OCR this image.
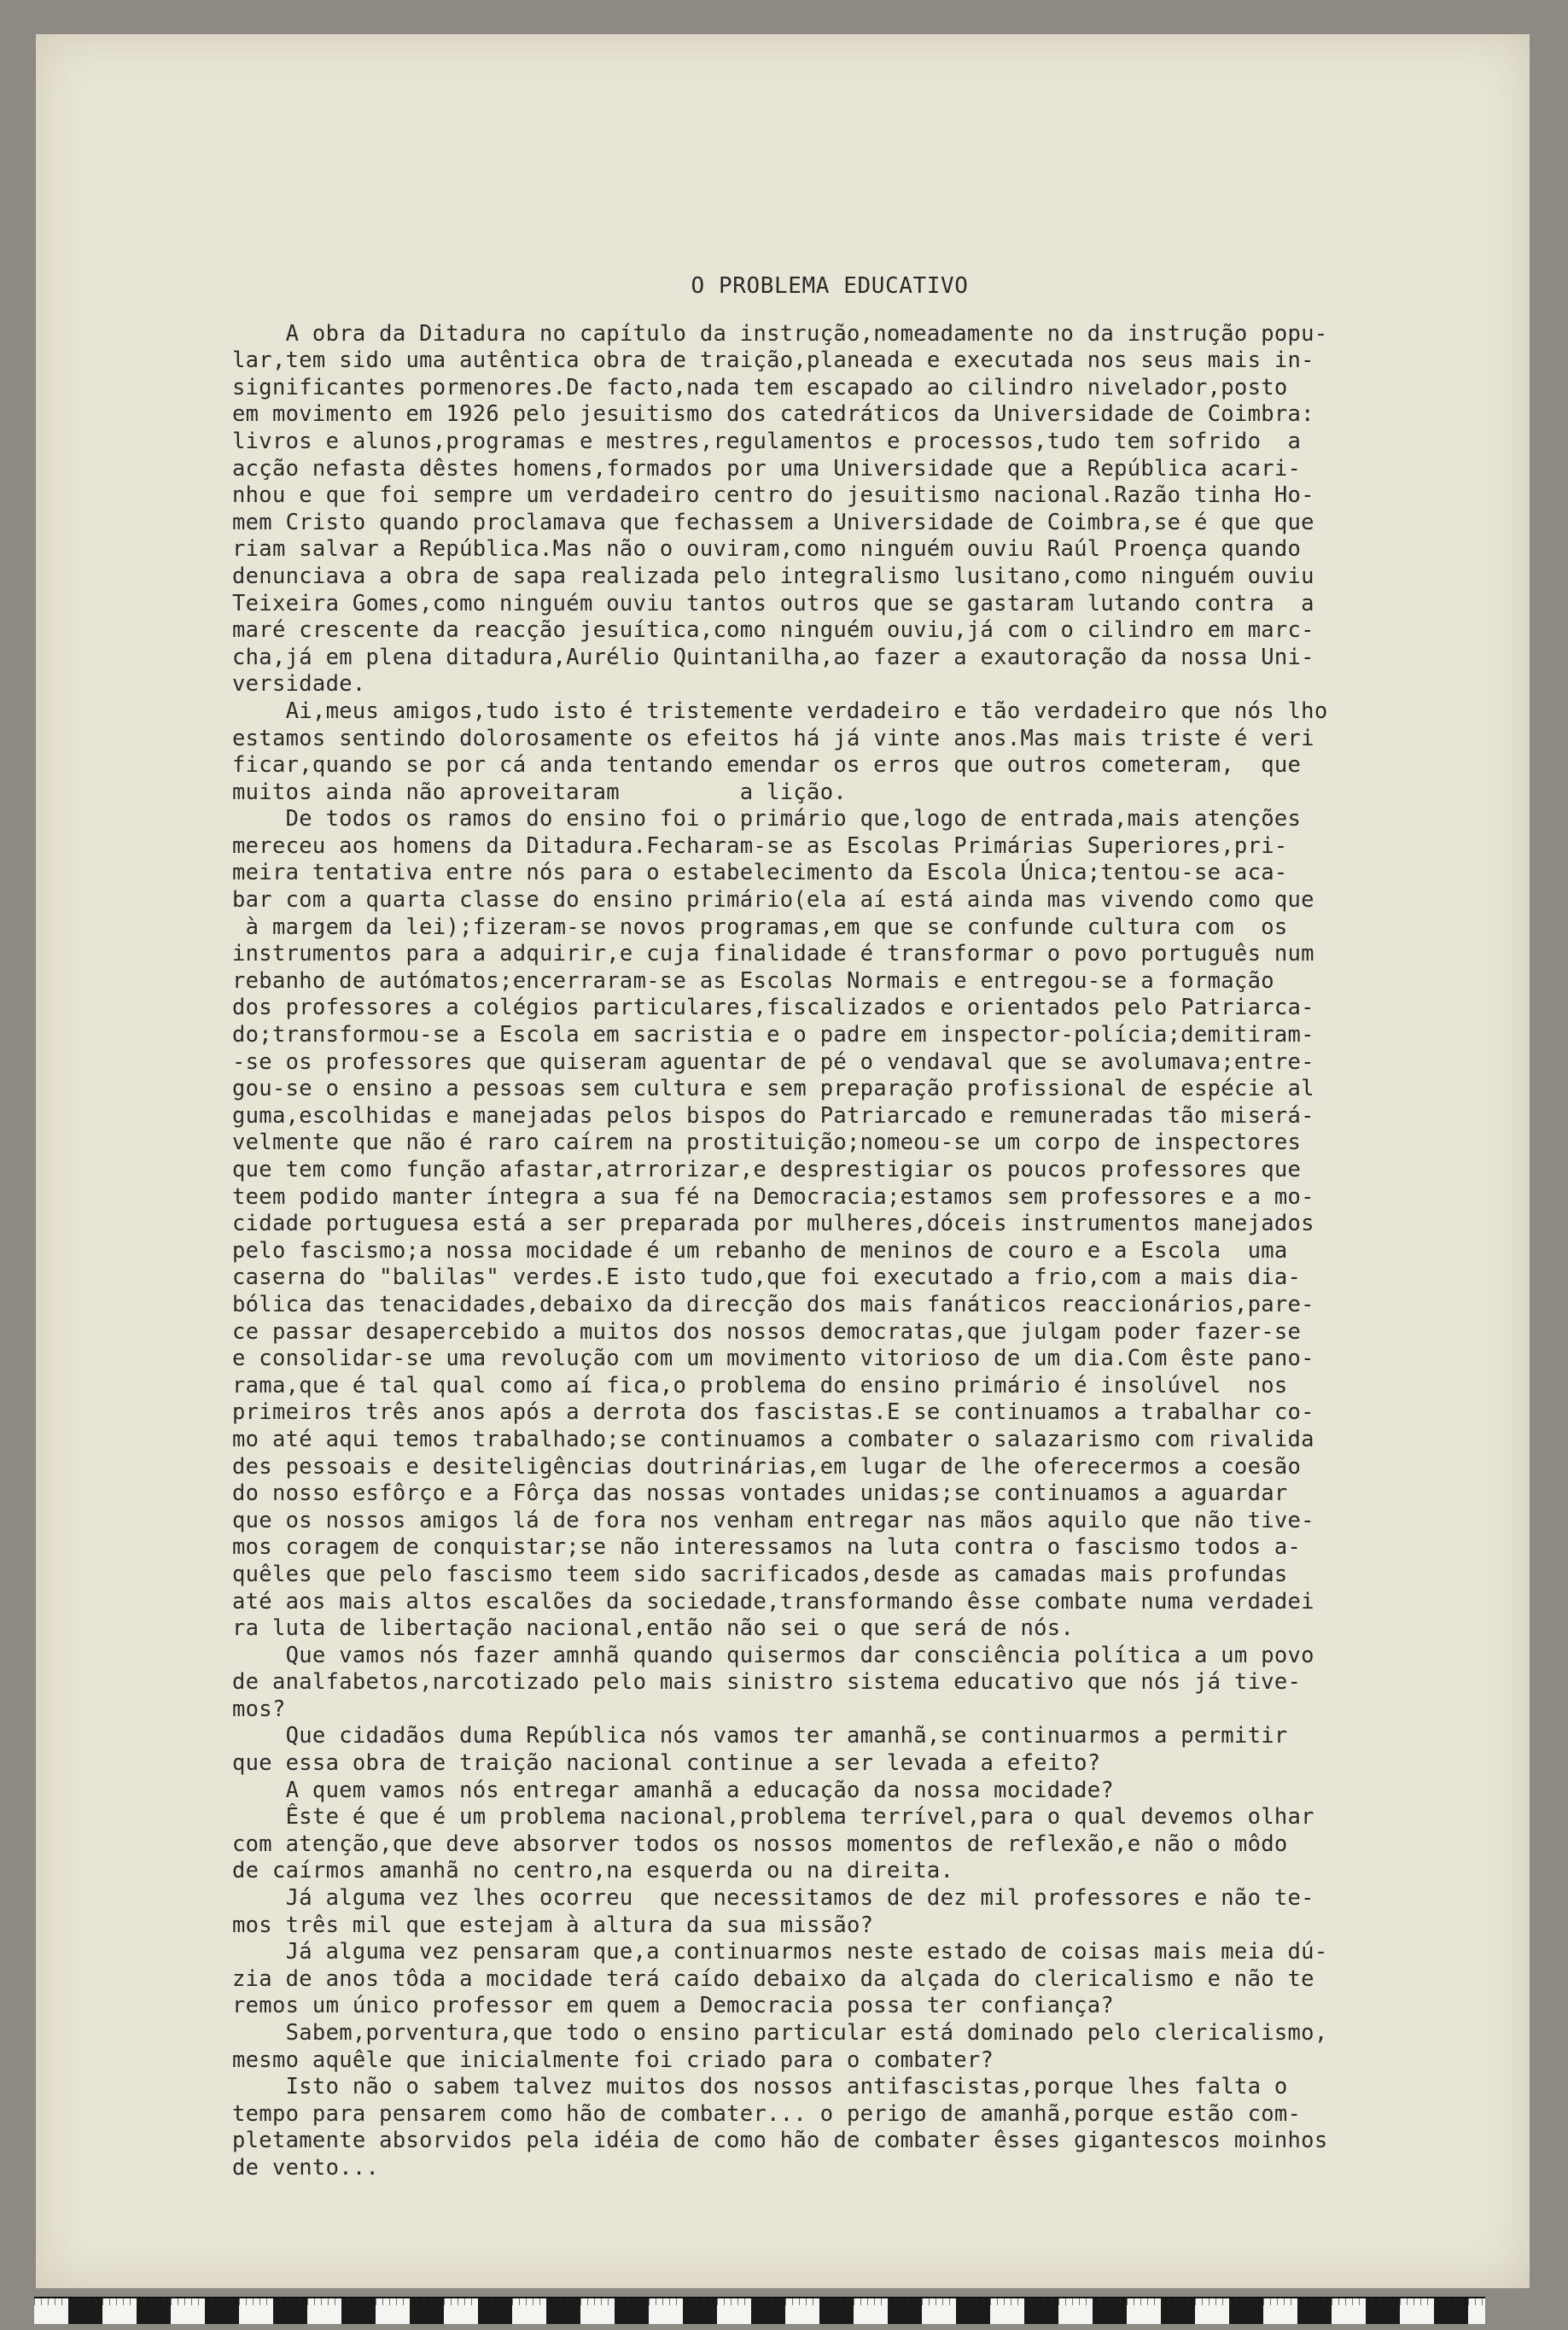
O PROBLEMA EDUCATIVO

A obra da Ditadura no capítulo da instrução,nomeadamente no da instrução popu-
lar,tem sido uma autêntica obra de traição,planeada e executada nos seus mais in-
significantes pormenores.De facto,nada tem escapado ao cilindro nivelador,posto
em movimento em 1926 pelo jesuitismo dos catedráticos da Universidade de Coimbra:
livros e alunos,programas e mestres,regulamentos e processos,tudo tem sofrido  a
acção nefasta dêstes homens,formados por uma Universidade que a República acari-
nhou e que foi sempre um verdadeiro centro do jesuitismo nacional.Razão tinha Ho-
mem Cristo quando proclamava que fechassem a Universidade de Coimbra,se é que que
riam salvar a República.Mas não o ouviram,como ninguém ouviu Raúl Proença quando
denunciava a obra de sapa realizada pelo integralismo lusitano,como ninguém ouviu
Teixeira Gomes,como ninguém ouviu tantos outros que se gastaram lutando contra  a
maré crescente da reacção jesuítica,como ninguém ouviu,já com o cilindro em marc-
cha,já em plena ditadura,Aurélio Quintanilha,ao fazer a exautoração da nossa Uni-
versidade.

Ai,meus amigos,tudo isto é tristemente verdadeiro e tão verdadeiro que nós lho
estamos sentindo dolorosamente os efeitos há já vinte anos.Mas mais triste é veri
ficar,quando se por cá anda tentando emendar os erros que outros cometeram,  que
muitos ainda não aproveitaram         a lição.

De todos os ramos do ensino foi o primário que,logo de entrada,mais atenções
mereceu aos homens da Ditadura.Fecharam-se as Escolas Primárias Superiores,pri-
meira tentativa entre nós para o estabelecimento da Escola Única;tentou-se aca-
bar com a quarta classe do ensino primário(ela aí está ainda mas vivendo como que
à margem da lei);fizeram-se novos programas,em que se confunde cultura com  os
instrumentos para a adquirir,e cuja finalidade é transformar o povo português num
rebanho de autómatos;encerraram-se as Escolas Normais e entregou-se a formação
dos professores a colégios particulares,fiscalizados e orientados pelo Patriarca-
do;transformou-se a Escola em sacristia e o padre em inspector-polícia;demitiram-
-se os professores que quiseram aguentar de pé o vendaval que se avolumava;entre-
gou-se o ensino a pessoas sem cultura e sem preparação profissional de espécie al
guma,escolhidas e manejadas pelos bispos do Patriarcado e remuneradas tão miserá-
velmente que não é raro caírem na prostituição;nomeou-se um corpo de inspectores
que tem como função afastar,atrrorizar,e desprestigiar os poucos professores que
teem podido manter íntegra a sua fé na Democracia;estamos sem professores e a mo-
cidade portuguesa está a ser preparada por mulheres,dóceis instrumentos manejados
pelo fascismo;a nossa mocidade é um rebanho de meninos de couro e a Escola  uma
caserna do "balilas" verdes.E isto tudo,que foi executado a frio,com a mais dia-
bólica das tenacidades,debaixo da direcção dos mais fanáticos reaccionários,pare-
ce passar desapercebido a muitos dos nossos democratas,que julgam poder fazer-se
e consolidar-se uma revolução com um movimento vitorioso de um dia.Com êste pano-
rama,que é tal qual como aí fica,o problema do ensino primário é insolúvel  nos
primeiros três anos após a derrota dos fascistas.E se continuamos a trabalhar co-
mo até aqui temos trabalhado;se continuamos a combater o salazarismo com rivalida
des pessoais e desiteligências doutrinárias,em lugar de lhe oferecermos a coesão
do nosso esfôrço e a Fôrça das nossas vontades unidas;se continuamos a aguardar
que os nossos amigos lá de fora nos venham entregar nas mãos aquilo que não tive-
mos coragem de conquistar;se não interessamos na luta contra o fascismo todos a-
quêles que pelo fascismo teem sido sacrificados,desde as camadas mais profundas
até aos mais altos escalões da sociedade,transformando êsse combate numa verdadei
ra luta de libertação nacional,então não sei o que será de nós.

Que vamos nós fazer amnhã quando quisermos dar consciência política a um povo
de analfabetos,narcotizado pelo mais sinistro sistema educativo que nós já tive-
mos?

Que cidadãos duma República nós vamos ter amanhã,se continuarmos a permitir
que essa obra de traição nacional continue a ser levada a efeito?

A quem vamos nós entregar amanhã a educação da nossa mocidade?

Êste é que é um problema nacional,problema terrível,para o qual devemos olhar
com atenção,que deve absorver todos os nossos momentos de reflexão,e não o môdo
de caírmos amanhã no centro,na esquerda ou na direita.

Já alguma vez lhes ocorreu  que necessitamos de dez mil professores e não te-
mos três mil que estejam à altura da sua missão?

Já alguma vez pensaram que,a continuarmos neste estado de coisas mais meia dú-
zia de anos tôda a mocidade terá caído debaixo da alçada do clericalismo e não te
remos um único professor em quem a Democracia possa ter confiança?

Sabem,porventura,que todo o ensino particular está dominado pelo clericalismo,
mesmo aquêle que inicialmente foi criado para o combater?

Isto não o sabem talvez muitos dos nossos antifascistas,porque lhes falta o
tempo para pensarem como hão de combater... o perigo de amanhã,porque estão com-
pletamente absorvidos pela idéia de como hão de combater êsses gigantescos moinhos
de vento...
